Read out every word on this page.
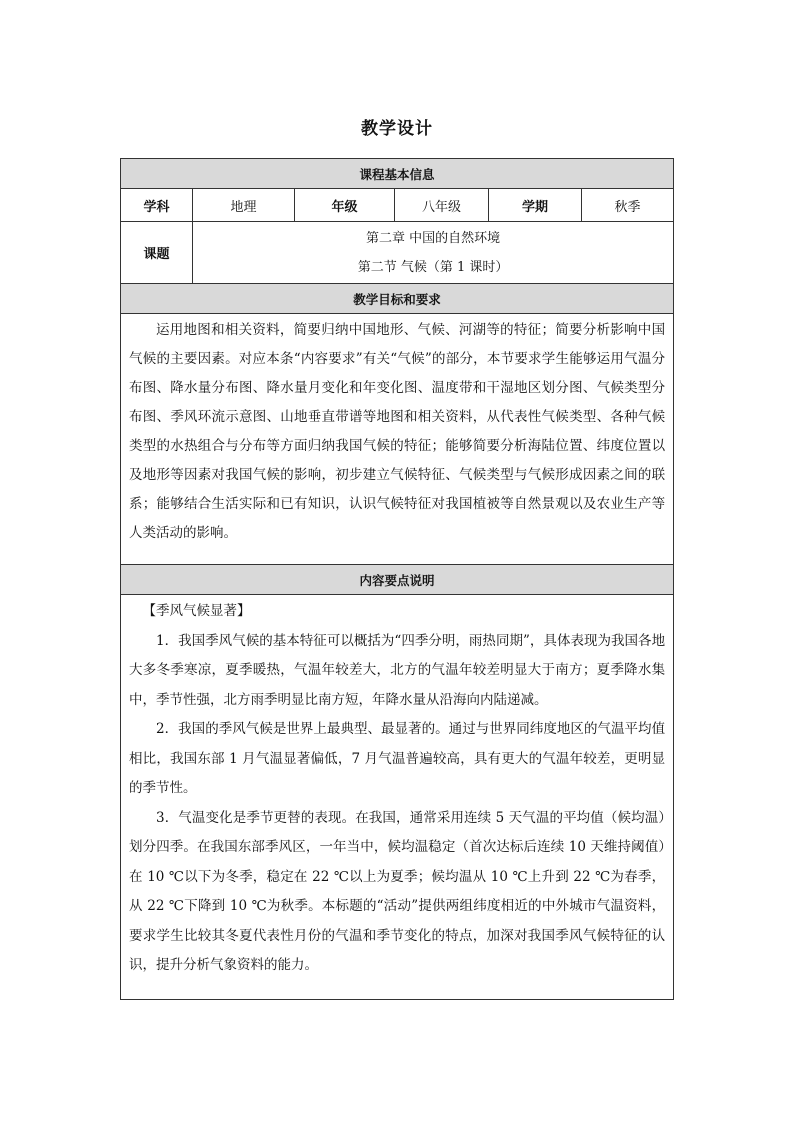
教学设计
课程基本信息					
学科	地理	年级	八年级	学期	秋季
课题	第二章 中国的自然环境
第二节 气候（第 1 课时）				

教学目标和要求					

运用地图和相关资料，简要归纳中国地形、气候、河湖等的特征；简要分析影响中国气候的主要因素。对应本条“内容要求”有关“气候”的部分，本节要求学生能够运用气温分布图、降水量分布图、降水量月变化和年变化图、温度带和干湿地区划分图、气候类型分布图、季风环流示意图、山地垂直带谱等地图和相关资料，从代表性气候类型、各种气候类型的水热组合与分布等方面归纳我国气候的特征；能够简要分析海陆位置、纬度位置以及地形等因素对我国气候的影响，初步建立气候特征、气候类型与气候形成因素之间的联系；能够结合生活实际和已有知识，认识气候特征对我国植被等自然景观以及农业生产等人类活动的影响。					

内容要点说明					

【季风气候显著】

1．我国季风气候的基本特征可以概括为“四季分明，雨热同期”，具体表现为我国各地大多冬季寒凉，夏季暖热，气温年较差大，北方的气温年较差明显大于南方；夏季降水集中，季节性强，北方雨季明显比南方短，年降水量从沿海向内陆递减。

2．我国的季风气候是世界上最典型、最显著的。通过与世界同纬度地区的气温平均值相比，我国东部 1 月气温显著偏低，7 月气温普遍较高，具有更大的气温年较差，更明显的季节性。

3．气温变化是季节更替的表现。在我国，通常采用连续 5 天气温的平均值（候均温）划分四季。在我国东部季风区，一年当中，候均温稳定（首次达标后连续 10 天维持阈值）在 10 ℃以下为冬季，稳定在 22 ℃以上为夏季；候均温从 10 ℃上升到 22 ℃为春季，从 22 ℃下降到 10 ℃为秋季。本标题的“活动”提供两组纬度相近的中外城市气温资料，要求学生比较其冬夏代表性月份的气温和季节变化的特点，加深对我国季风气候特征的认识，提升分析气象资料的能力。					
